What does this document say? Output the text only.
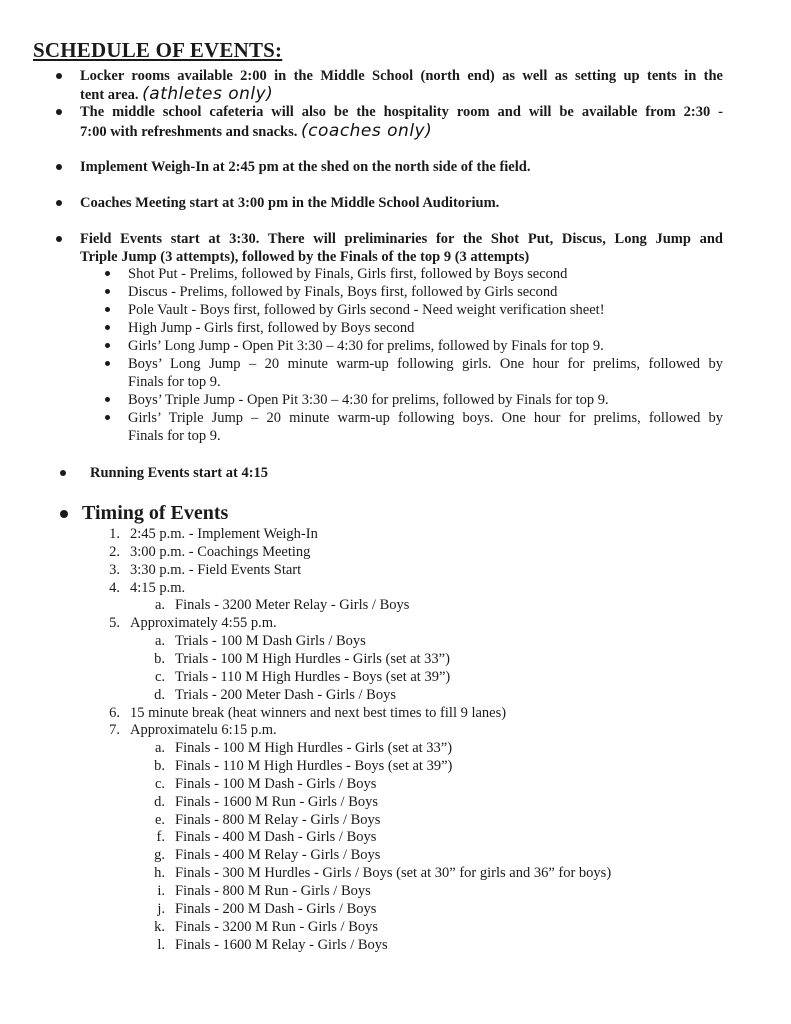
SCHEDULE OF EVENTS:
Locker rooms available 2:00 in the Middle School (north end) as well as setting up tents in the
tent area. (athletes only)
The middle school cafeteria will also be the hospitality room and will be available from 2:30 -
7:00 with refreshments and snacks. (coaches only)
Implement Weigh-In at 2:45 pm at the shed on the north side of the field.
Coaches Meeting start at 3:00 pm in the Middle School Auditorium.
Field Events start at 3:30. There will preliminaries for the Shot Put, Discus, Long Jump and
Triple Jump (3 attempts), followed by the Finals of the top 9 (3 attempts)
Shot Put - Prelims, followed by Finals, Girls first, followed by Boys second
Discus - Prelims, followed by Finals, Boys first, followed by Girls second
Pole Vault - Boys first, followed by Girls second - Need weight verification sheet!
High Jump - Girls first, followed by Boys second
Girls’ Long Jump - Open Pit 3:30 – 4:30 for prelims, followed by Finals for top 9.
Boys’ Long Jump – 20 minute warm-up following girls. One hour for prelims, followed by
Finals for top 9.
Boys’ Triple Jump - Open Pit 3:30 – 4:30 for prelims, followed by Finals for top 9.
Girls’ Triple Jump – 20 minute warm-up following boys. One hour for prelims, followed by
Finals for top 9.
Running Events start at 4:15
Timing of Events
1. 2:45 p.m. - Implement Weigh-In
2. 3:00 p.m. - Coachings Meeting
3. 3:30 p.m. - Field Events Start
4. 4:15 p.m.
a. Finals - 3200 Meter Relay - Girls / Boys
5. Approximately 4:55 p.m.
a. Trials - 100 M Dash Girls / Boys
b. Trials - 100 M High Hurdles - Girls (set at 33”)
c. Trials - 110 M High Hurdles - Boys (set at 39”)
d. Trials - 200 Meter Dash - Girls / Boys
6. 15 minute break (heat winners and next best times to fill 9 lanes)
7. Approximatelu 6:15 p.m.
a. Finals - 100 M High Hurdles - Girls (set at 33”)
b. Finals - 110 M High Hurdles - Boys (set at 39”)
c. Finals - 100 M Dash - Girls / Boys
d. Finals - 1600 M Run - Girls / Boys
e. Finals - 800 M Relay - Girls / Boys
f. Finals - 400 M Dash - Girls / Boys
g. Finals - 400 M Relay - Girls / Boys
h. Finals - 300 M Hurdles - Girls / Boys (set at 30” for girls and 36” for boys)
i. Finals - 800 M Run - Girls / Boys
j. Finals - 200 M Dash - Girls / Boys
k. Finals - 3200 M Run - Girls / Boys
l. Finals - 1600 M Relay - Girls / Boys
